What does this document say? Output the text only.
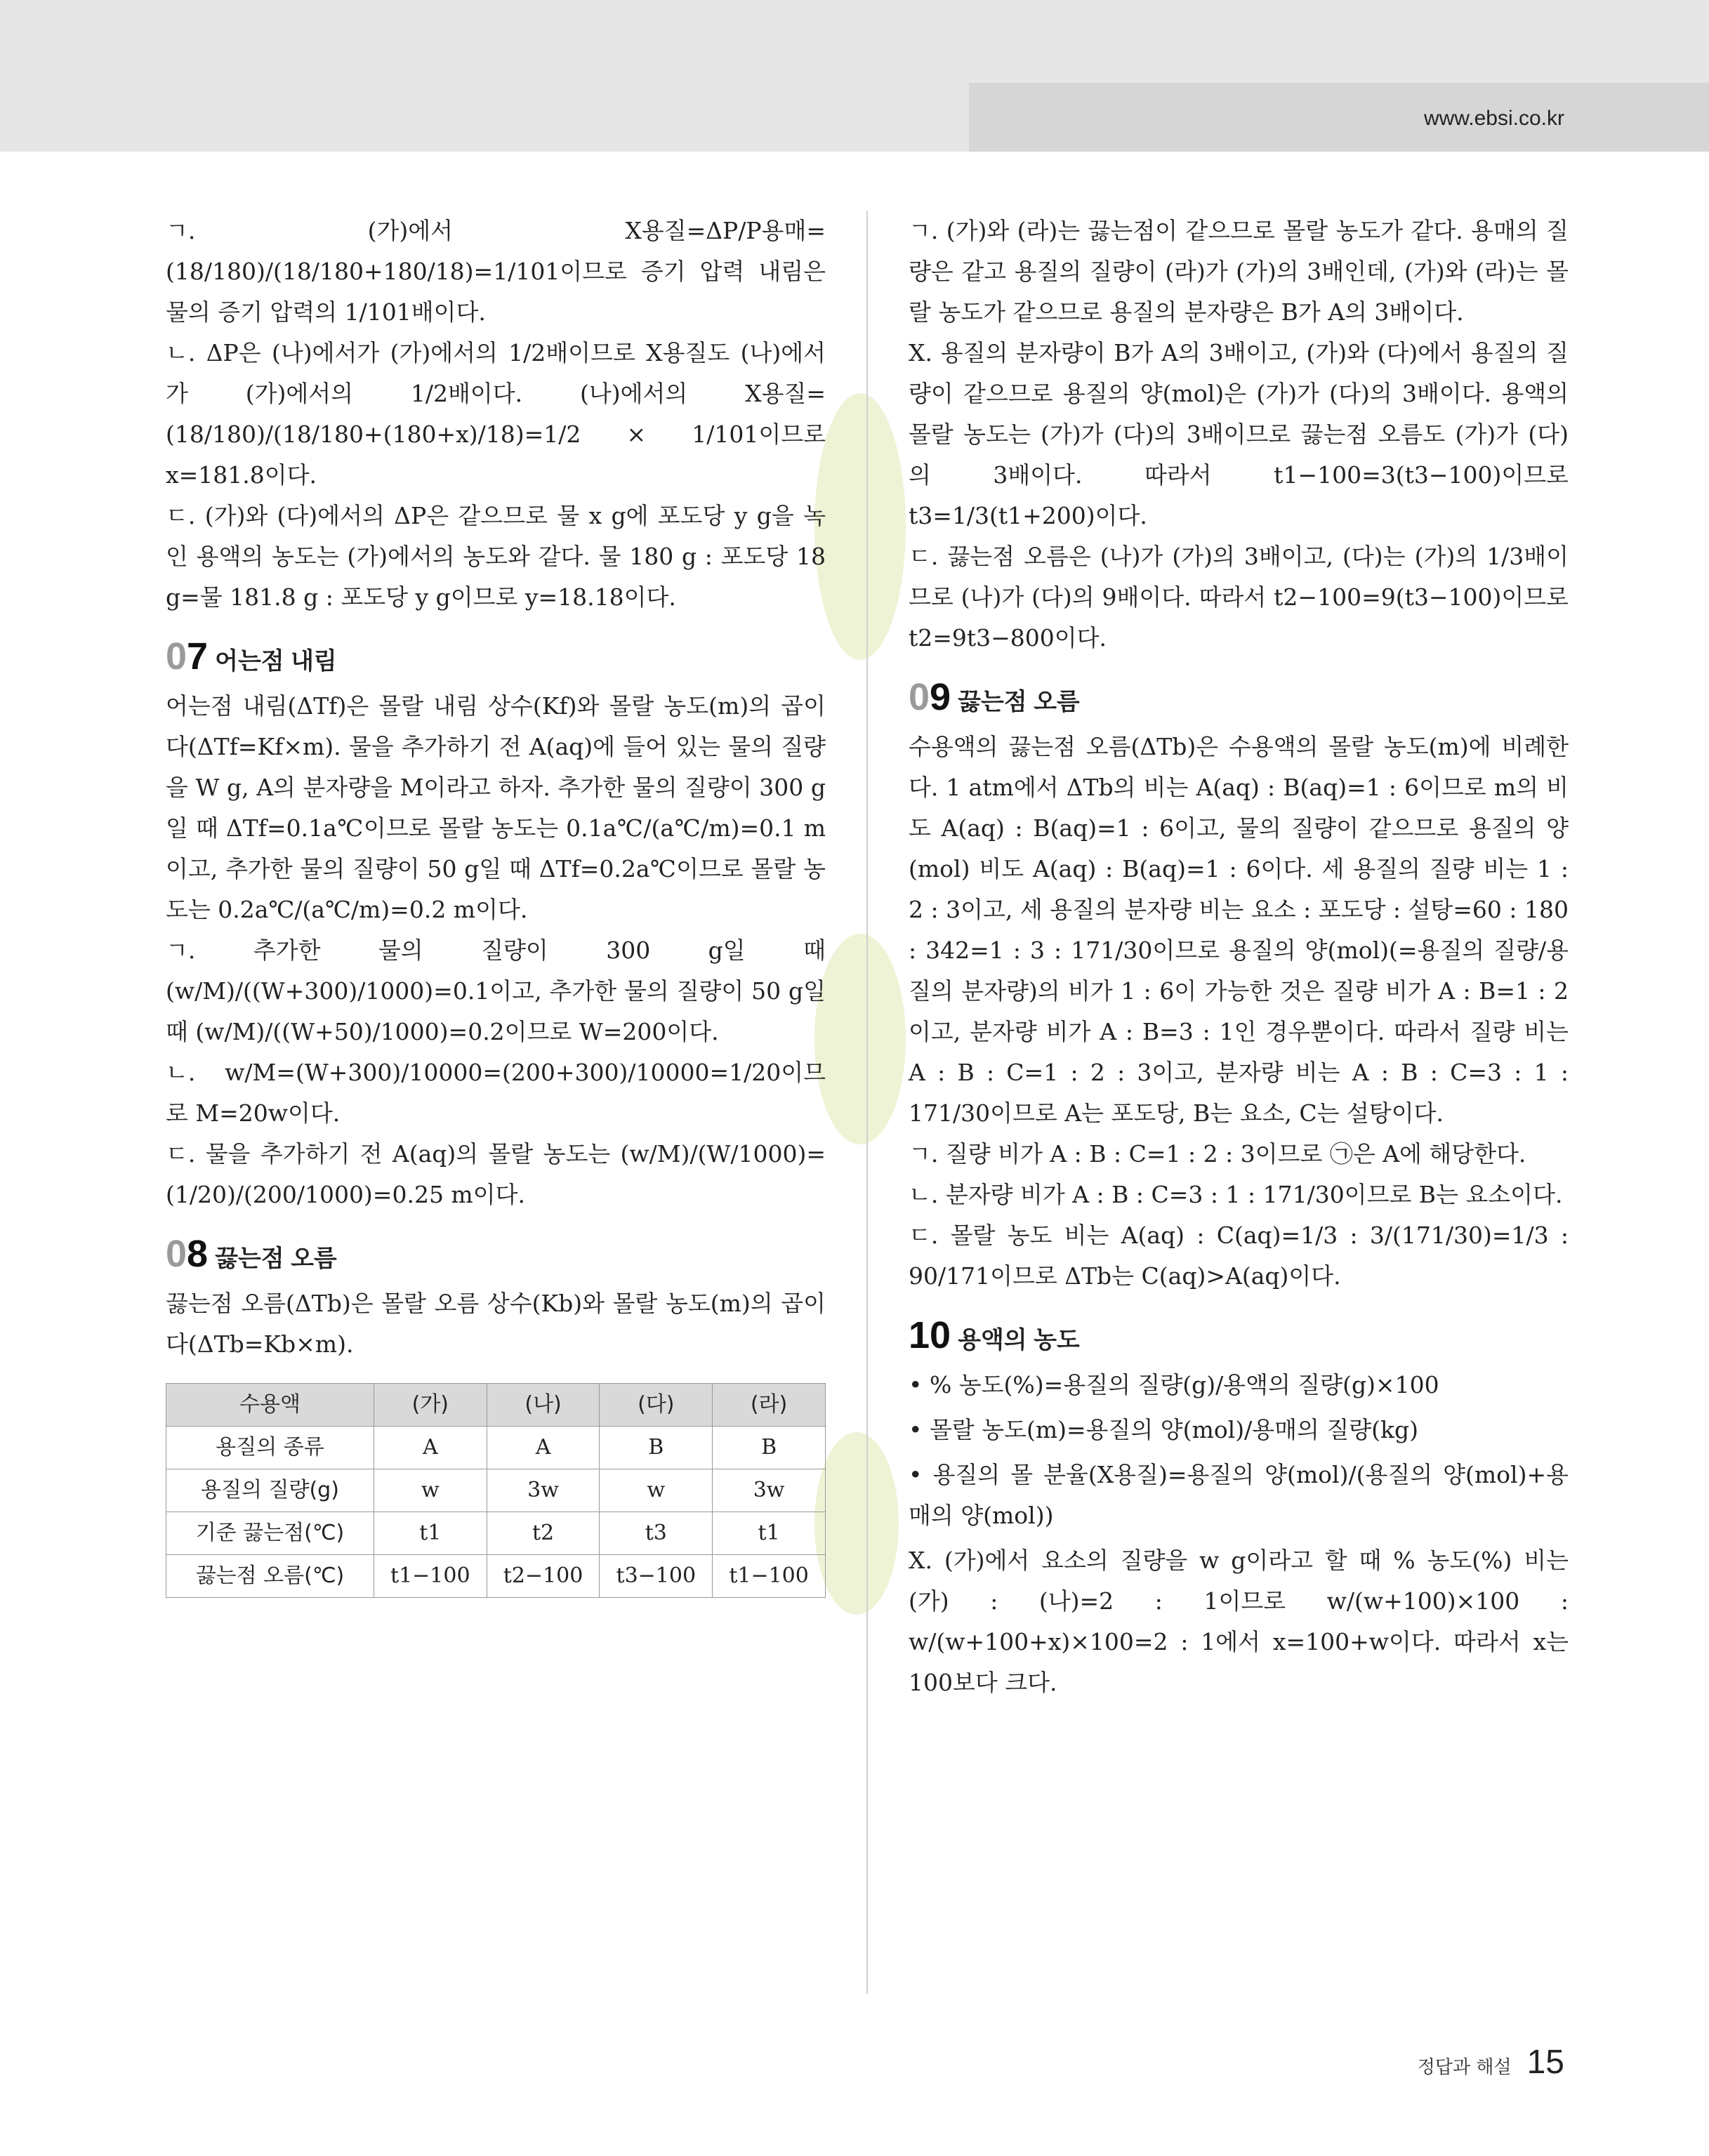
www.ebsi.co.kr

ㄱ. (가)에서 X용질=ΔP/P용매=(18/180)/(18/180+180/18)=1/101이므로 증기 압력 내림은 물의 증기 압력의 1/101배이다.

ㄴ. ΔP은 (나)에서가 (가)에서의 1/2배이므로 X용질도 (나)에서가 (가)에서의 1/2배이다. (나)에서의 X용질=(18/180)/(18/180+(180+x)/18)=1/2 × 1/101이므로 x=181.8이다.

ㄷ. (가)와 (다)에서의 ΔP은 같으므로 물 x g에 포도당 y g을 녹인 용액의 농도는 (가)에서의 농도와 같다. 물 180 g : 포도당 18 g=물 181.8 g : 포도당 y g이므로 y=18.18이다.

07 어는점 내림

어는점 내림(ΔTf)은 몰랄 내림 상수(Kf)와 몰랄 농도(m)의 곱이다(ΔTf=Kf×m). 물을 추가하기 전 A(aq)에 들어 있는 물의 질량을 W g, A의 분자량을 M이라고 하자. 추가한 물의 질량이 300 g일 때 ΔTf=0.1a℃이므로 몰랄 농도는 0.1a℃/(a℃/m)=0.1 m이고, 추가한 물의 질량이 50 g일 때 ΔTf=0.2a℃이므로 몰랄 농도는 0.2a℃/(a℃/m)=0.2 m이다.

ㄱ. 추가한 물의 질량이 300 g일 때 (w/M)/((W+300)/1000)=0.1이고, 추가한 물의 질량이 50 g일 때 (w/M)/((W+50)/1000)=0.2이므로 W=200이다.

ㄴ. w/M=(W+300)/10000=(200+300)/10000=1/20이므로 M=20w이다.

ㄷ. 물을 추가하기 전 A(aq)의 몰랄 농도는 (w/M)/(W/1000)=(1/20)/(200/1000)=0.25 m이다.

08 끓는점 오름

끓는점 오름(ΔTb)은 몰랄 오름 상수(Kb)와 몰랄 농도(m)의 곱이다(ΔTb=Kb×m).

수용액	(가)	(나)	(다)	(라)
용질의 종류	A	A	B	B
용질의 질량(g)	w	3w	w	3w
기준 끓는점(℃)	t1	t2	t3	t1
끓는점 오름(℃)	t1−100	t2−100	t3−100	t1−100

ㄱ. (가)와 (라)는 끓는점이 같으므로 몰랄 농도가 같다. 용매의 질량은 같고 용질의 질량이 (라)가 (가)의 3배인데, (가)와 (라)는 몰랄 농도가 같으므로 용질의 분자량은 B가 A의 3배이다.

X. 용질의 분자량이 B가 A의 3배이고, (가)와 (다)에서 용질의 질량이 같으므로 용질의 양(mol)은 (가)가 (다)의 3배이다. 용액의 몰랄 농도는 (가)가 (다)의 3배이므로 끓는점 오름도 (가)가 (다)의 3배이다. 따라서 t1−100=3(t3−100)이므로 t3=1/3(t1+200)이다.

ㄷ. 끓는점 오름은 (나)가 (가)의 3배이고, (다)는 (가)의 1/3배이므로 (나)가 (다)의 9배이다. 따라서 t2−100=9(t3−100)이므로 t2=9t3−800이다.

09 끓는점 오름

수용액의 끓는점 오름(ΔTb)은 수용액의 몰랄 농도(m)에 비례한다. 1 atm에서 ΔTb의 비는 A(aq) : B(aq)=1 : 6이므로 m의 비도 A(aq) : B(aq)=1 : 6이고, 물의 질량이 같으므로 용질의 양(mol) 비도 A(aq) : B(aq)=1 : 6이다. 세 용질의 질량 비는 1 : 2 : 3이고, 세 용질의 분자량 비는 요소 : 포도당 : 설탕=60 : 180 : 342=1 : 3 : 171/30이므로 용질의 양(mol)(=용질의 질량/용질의 분자량)의 비가 1 : 6이 가능한 것은 질량 비가 A : B=1 : 2이고, 분자량 비가 A : B=3 : 1인 경우뿐이다. 따라서 질량 비는 A : B : C=1 : 2 : 3이고, 분자량 비는 A : B : C=3 : 1 : 171/30이므로 A는 포도당, B는 요소, C는 설탕이다.

ㄱ. 질량 비가 A : B : C=1 : 2 : 3이므로 ㉠은 A에 해당한다.

ㄴ. 분자량 비가 A : B : C=3 : 1 : 171/30이므로 B는 요소이다.

ㄷ. 몰랄 농도 비는 A(aq) : C(aq)=1/3 : 3/(171/30)=1/3 : 90/171이므로 ΔTb는 C(aq)>A(aq)이다.

10 용액의 농도

• % 농도(%)=용질의 질량(g)/용액의 질량(g)×100

• 몰랄 농도(m)=용질의 양(mol)/용매의 질량(kg)

• 용질의 몰 분율(X용질)=용질의 양(mol)/(용질의 양(mol)+용매의 양(mol))

X. (가)에서 요소의 질량을 w g이라고 할 때 % 농도(%) 비는 (가) : (나)=2 : 1이므로 w/(w+100)×100 : w/(w+100+x)×100=2 : 1에서 x=100+w이다. 따라서 x는 100보다 크다.

정답과 해설 15
